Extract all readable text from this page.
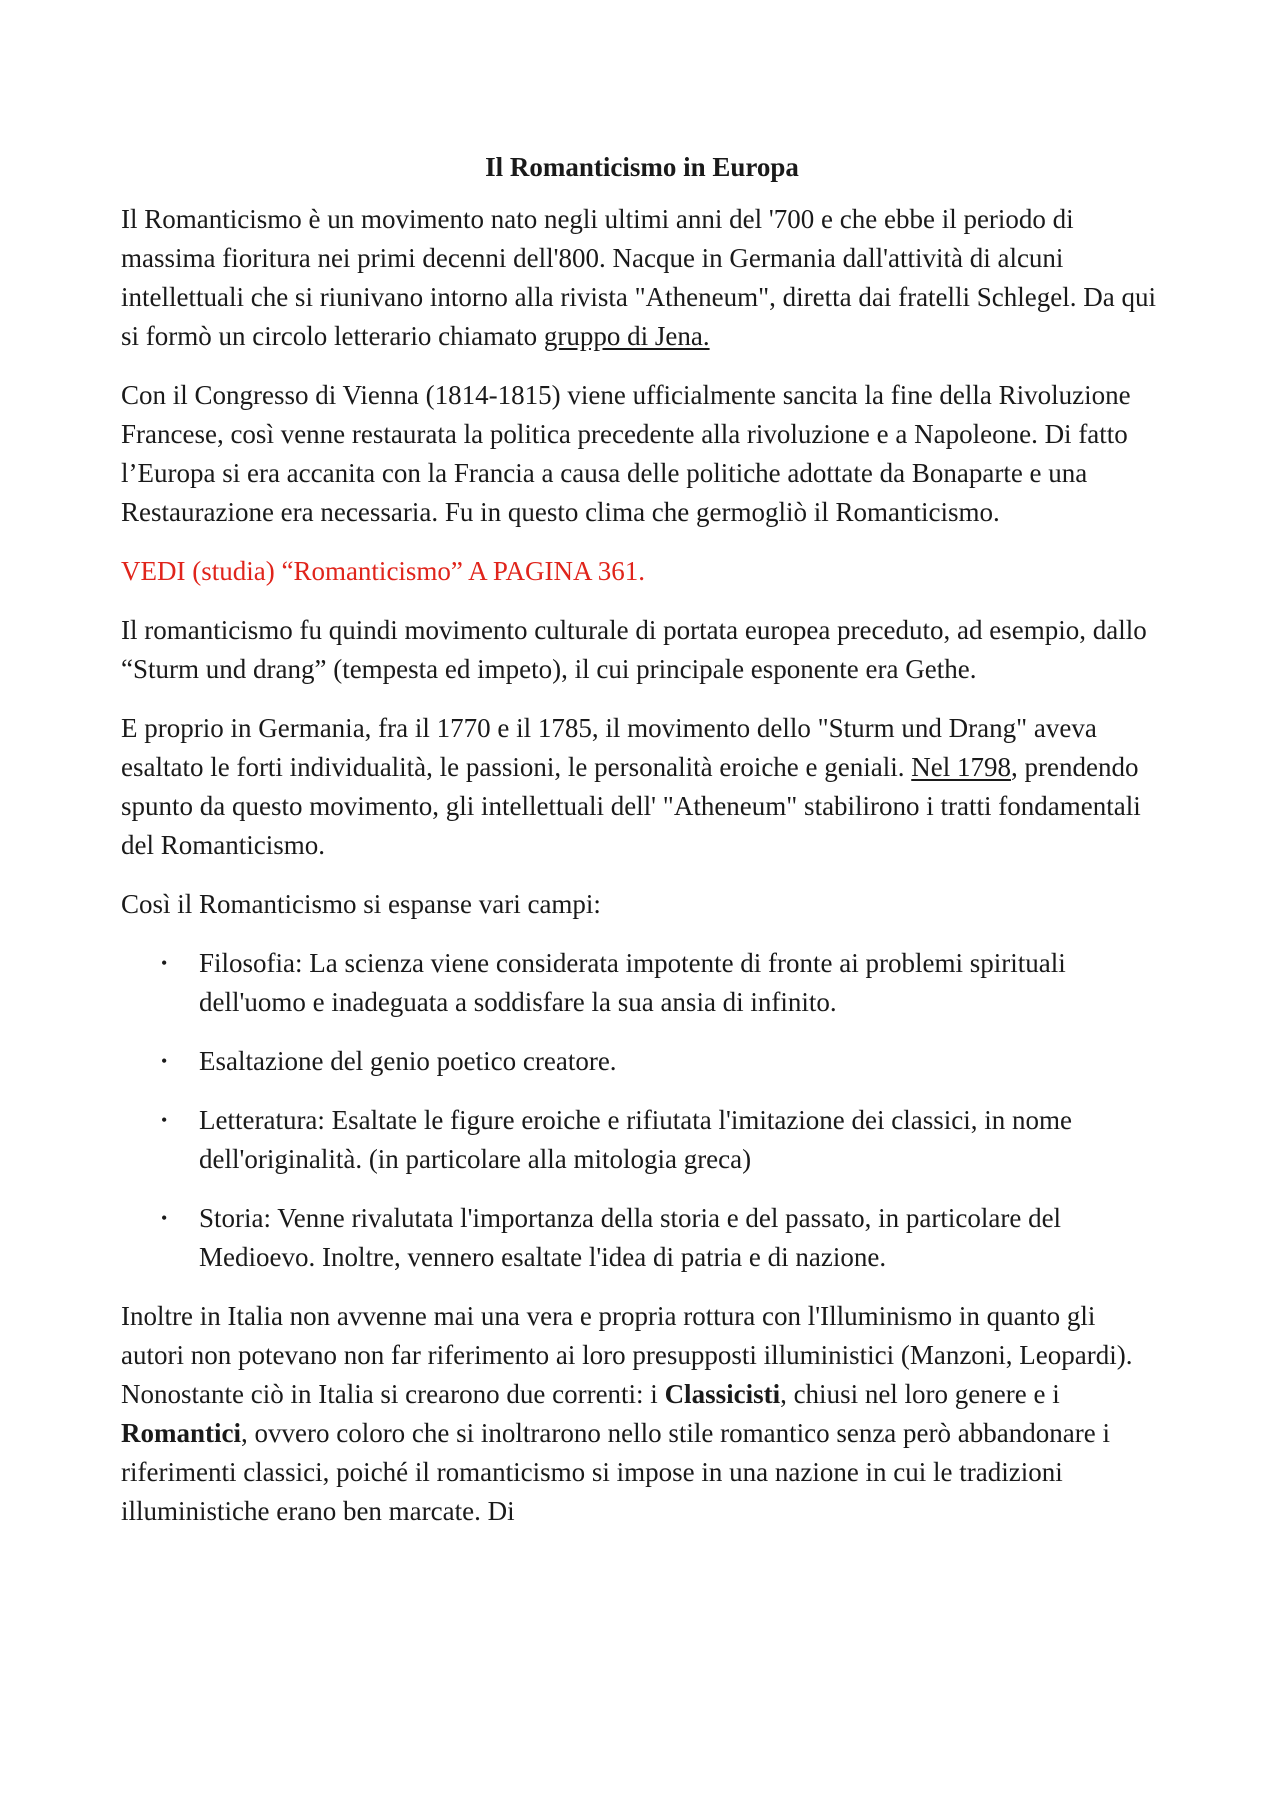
Il Romanticismo in Europa

Il Romanticismo è un movimento nato negli ultimi anni del '700 e che ebbe il periodo di massima fioritura nei primi decenni dell'800. Nacque in Germania dall'attività di alcuni intellettuali che si riunivano intorno alla rivista "Atheneum", diretta dai fratelli Schlegel. Da qui si formò un circolo letterario chiamato gruppo di Jena.

Con il Congresso di Vienna (1814-1815) viene ufficialmente sancita la fine della Rivoluzione Francese, così venne restaurata la politica precedente alla rivoluzione e a Napoleone. Di fatto l’Europa si era accanita con la Francia a causa delle politiche adottate da Bonaparte e una Restaurazione era necessaria. Fu in questo clima che germogliò il Romanticismo.

VEDI (studia) “Romanticismo” A PAGINA 361.

Il romanticismo fu quindi movimento culturale di portata europea preceduto, ad esempio, dallo “Sturm und drang” (tempesta ed impeto), il cui principale esponente era Gethe.

E proprio in Germania, fra il 1770 e il 1785, il movimento dello "Sturm und Drang" aveva esaltato le forti individualità, le passioni, le personalità eroiche e geniali. Nel 1798, prendendo spunto da questo movimento, gli intellettuali dell' "Atheneum" stabilirono i tratti fondamentali del Romanticismo.

Così il Romanticismo si espanse vari campi:

• Filosofia: La scienza viene considerata impotente di fronte ai problemi spirituali dell'uomo e inadeguata a soddisfare la sua ansia di infinito.
• Esaltazione del genio poetico creatore.
• Letteratura: Esaltate le figure eroiche e rifiutata l'imitazione dei classici, in nome dell'originalità. (in particolare alla mitologia greca)
• Storia: Venne rivalutata l'importanza della storia e del passato, in particolare del Medioevo. Inoltre, vennero esaltate l'idea di patria e di nazione.

Inoltre in Italia non avvenne mai una vera e propria rottura con l'Illuminismo in quanto gli autori non potevano non far riferimento ai loro presupposti illuministici (Manzoni, Leopardi). Nonostante ciò in Italia si crearono due correnti: i Classicisti, chiusi nel loro genere e i Romantici, ovvero coloro che si inoltrarono nello stile romantico senza però abbandonare i riferimenti classici, poiché il romanticismo si impose in una nazione in cui le tradizioni illuministiche erano ben marcate. Di
